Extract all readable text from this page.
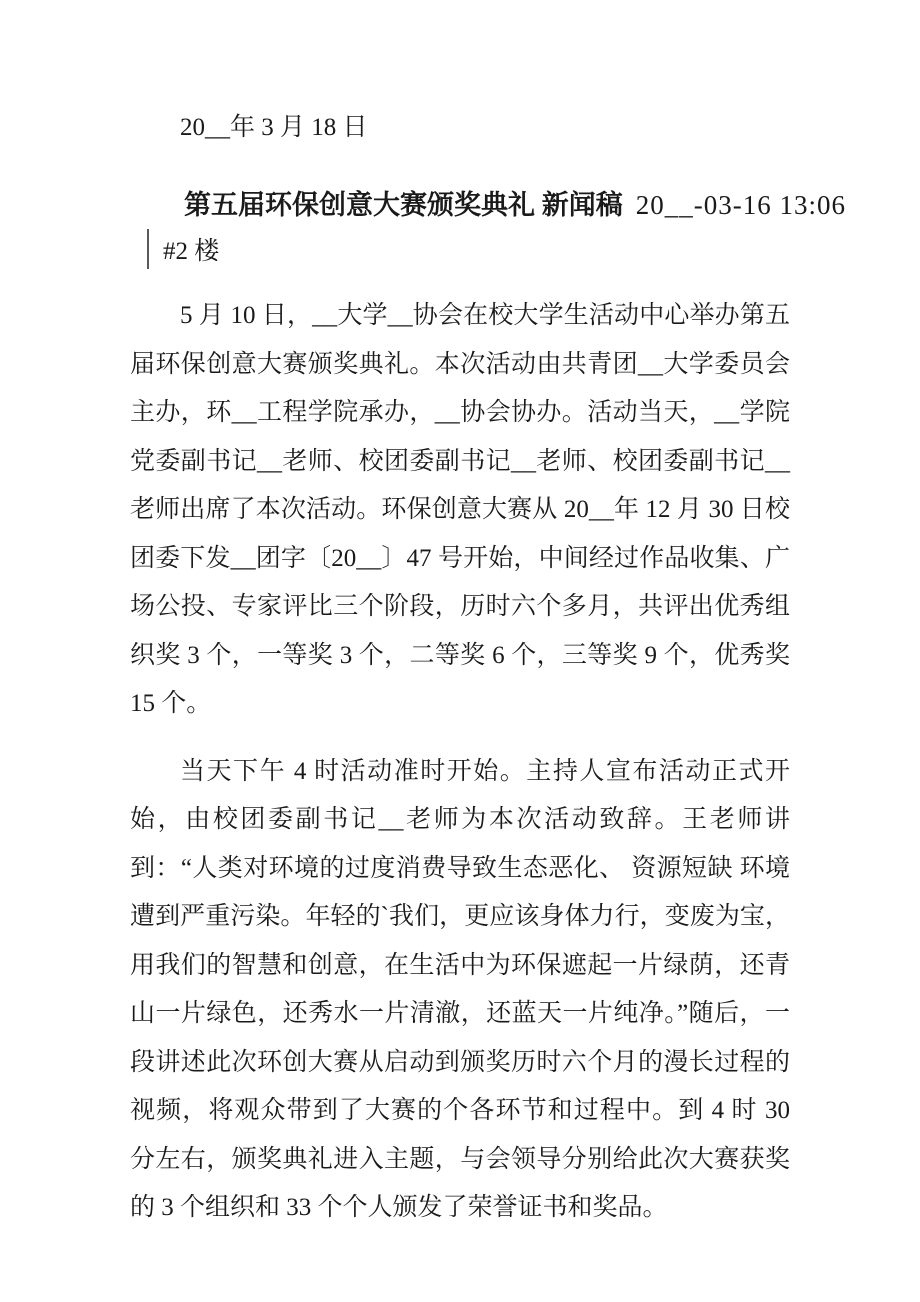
20__年 3 月 18 日
第五届环保创意大赛颁奖典礼 新闻稿 20__-03-16 13:06
#2 楼

5 月 10 日，__大学__协会在校大学生活动中心举办第五届环保创意大赛颁奖典礼。本次活动由共青团__大学委员会主办，环__工程学院承办，__协会协办。活动当天，__学院党委副书记__老师、校团委副书记__老师、校团委副书记__老师出席了本次活动。环保创意大赛从 20__年 12 月 30 日校团委下发__团字〔20__〕47 号开始，中间经过作品收集、广场公投、专家评比三个阶段，历时六个多月，共评出优秀组织奖 3 个，一等奖 3 个，二等奖 6 个，三等奖 9 个，优秀奖 15 个。

当天下午 4 时活动准时开始。主持人宣布活动正式开始，由校团委副书记__老师为本次活动致辞。王老师讲到：“人类对环境的过度消费导致生态恶化、 资源短缺 环境遭到严重污染。年轻的`我们，更应该身体力行，变废为宝，用我们的智慧和创意，在生活中为环保遮起一片绿荫，还青山一片绿色，还秀水一片清澈，还蓝天一片纯净。”随后，一段讲述此次环创大赛从启动到颁奖历时六个月的漫长过程的视频，将观众带到了大赛的个各环节和过程中。到 4 时 30 分左右，颁奖典礼进入主题，与会领导分别给此次大赛获奖的 3 个组织和 33 个个人颁发了荣誉证书和奖品。
